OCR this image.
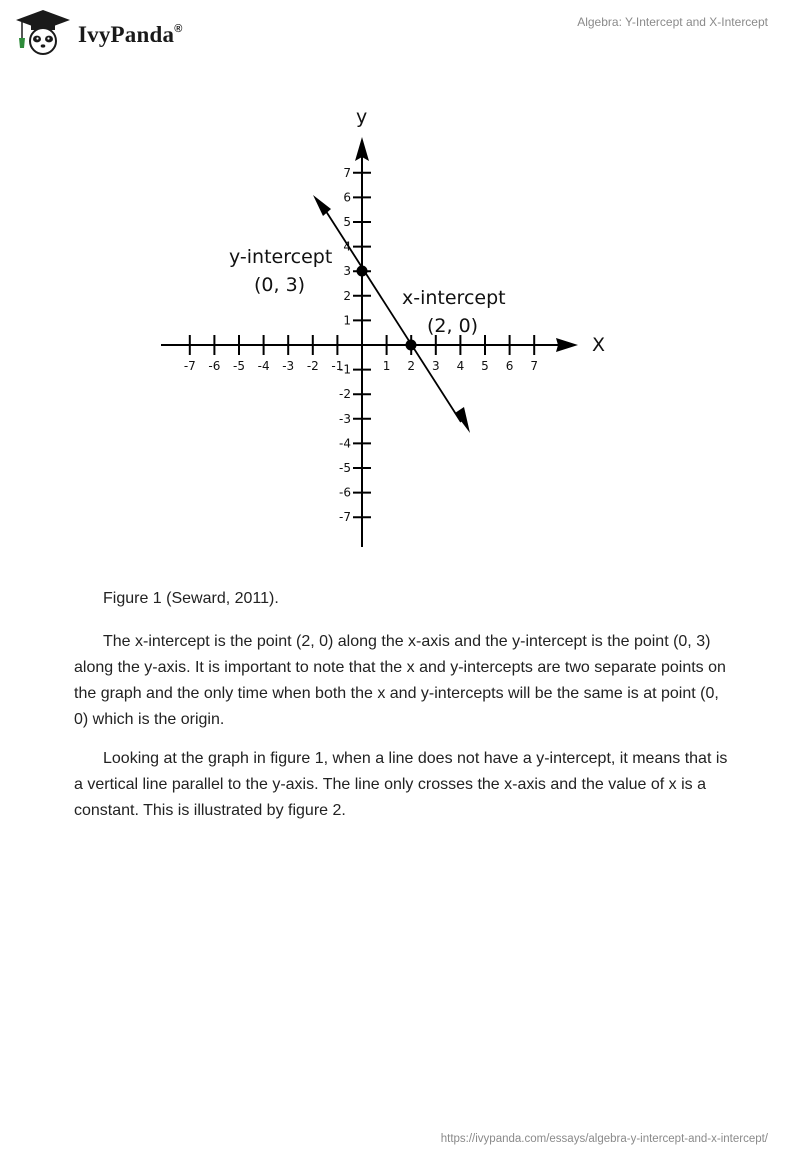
IvyPanda®	Algebra: Y-Intercept and X-Intercept
-7 -6 -5 -4 -3 -2 -1	1 2 3 4 5 6 7
7
6
5
4
3
2
1
-1
-2
-3
-4
-5
-6
-7
X
y
y-intercept
(0, 3)
x-intercept
(2, 0)
Figure 1 (Seward, 2011).

The x-intercept is the point (2, 0) along the x-axis and the y-intercept is the point (0, 3) along the y-axis. It is important to note that the x and y-intercepts are two separate points on the graph and the only time when both the x and y-intercepts will be the same is at point (0, 0) which is the origin.

Looking at the graph in figure 1, when a line does not have a y-intercept, it means that is a vertical line parallel to the y-axis. The line only crosses the x-axis and the value of x is a constant. This is illustrated by figure 2.

https://ivypanda.com/essays/algebra-y-intercept-and-x-intercept/
